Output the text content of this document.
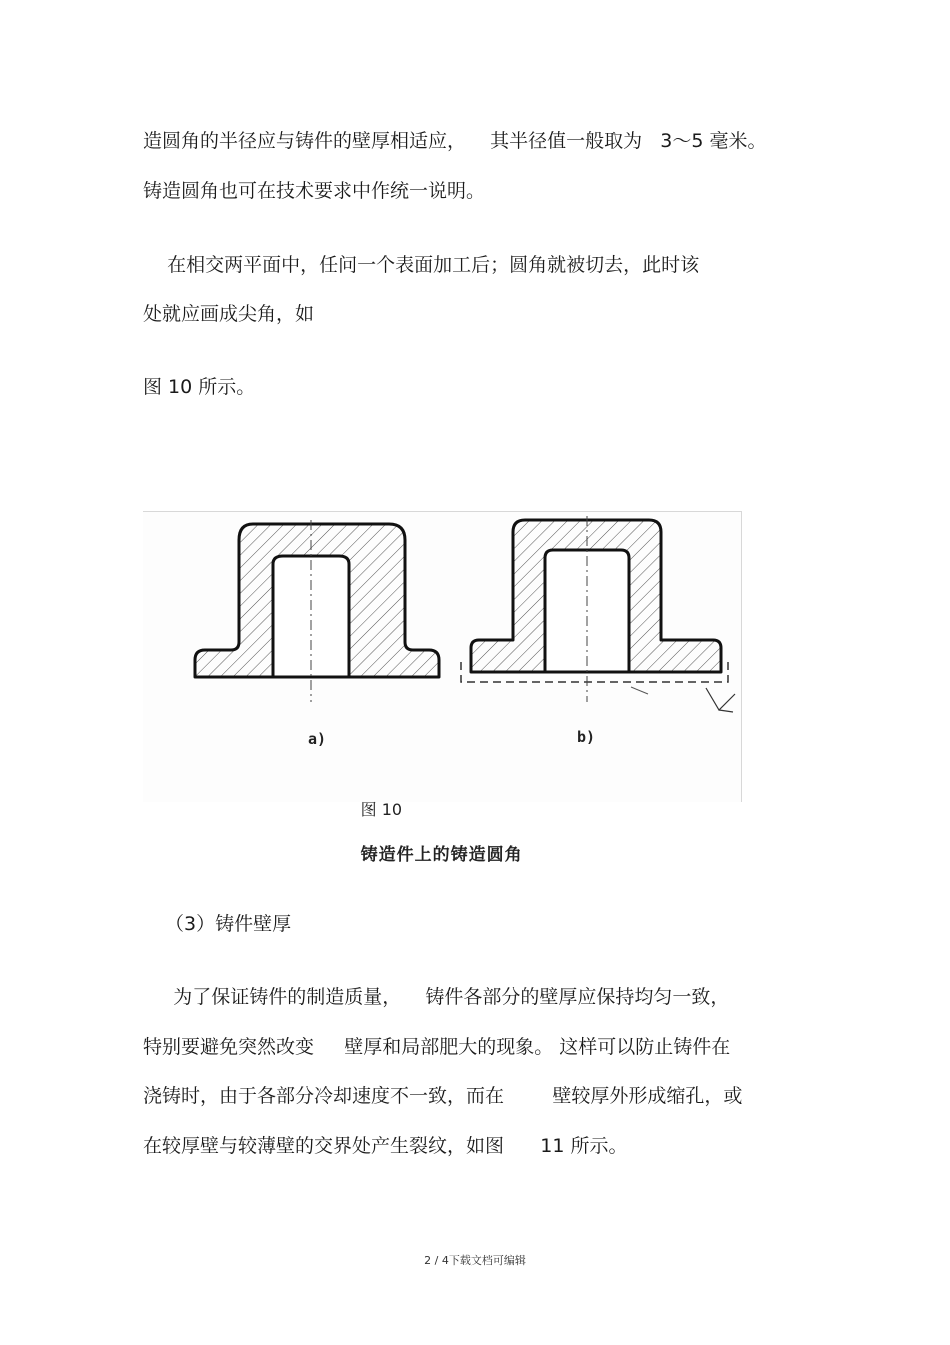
造圆角的半径应与铸件的壁厚相适应，    其半径值一般取为   3～5 毫米。
铸造圆角也可在技术要求中作统一说明。
在相交两平面中，任问一个表面加工后；圆角就被切去，此时该
处就应画成尖角，如
图 10 所示。
a)	b)

图 10

铸造件上的铸造圆角

（3）铸件壁厚
为了保证铸件的制造质量，    铸件各部分的壁厚应保持均匀一致，
特别要避免突然改变     壁厚和局部肥大的现象。 这样可以防止铸件在
浇铸时，由于各部分冷却速度不一致，而在        壁较厚外形成缩孔，或
在较厚壁与较薄壁的交界处产生裂纹，如图      11 所示。
2 / 4下载文档可编辑
